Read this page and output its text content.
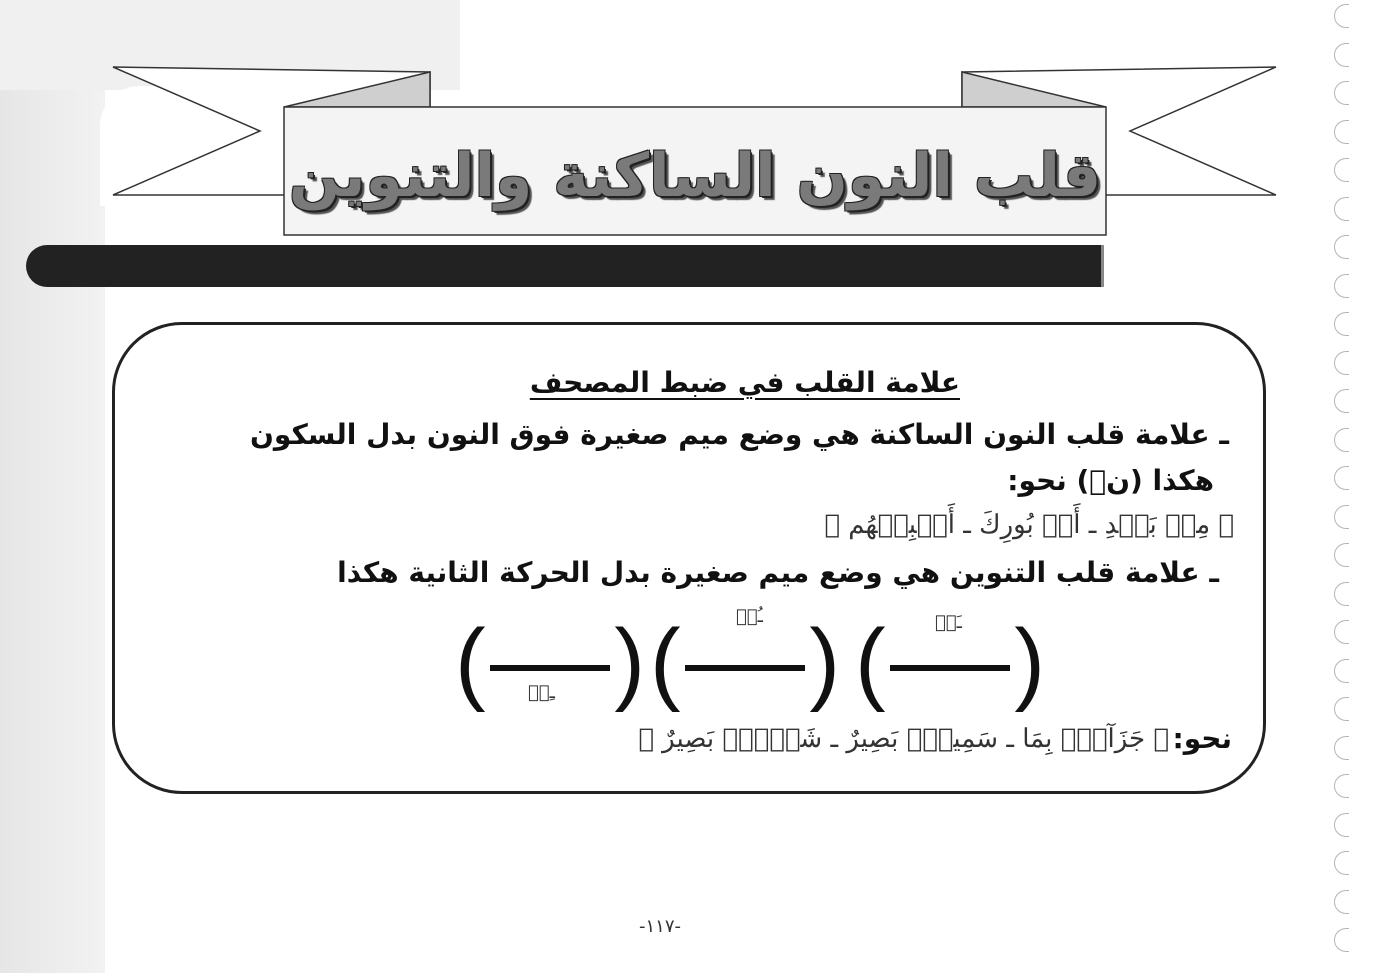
قلب النون الساكنة والتنوين
علامة القلب في ضبط المصحف
ـ علامة قلب النون الساكنة هي وضع ميم صغيرة فوق النون بدل السكون
هكذا (نۢ) نحو:
﴿ مِنۢ بَعۡدِ ـ أَنۢ بُورِكَ ـ أَنۢبِئۡهُم ﴾
ـ علامة قلب التنوين هي وضع ميم صغيرة بدل الحركة الثانية هكذا
( )
ـَمۢ
( )
ـُمۢ
( )
ـِمۢ
نحو:
﴿ جَزَآءَۢ بِمَا ـ سَمِيعُۢ بَصِيرٌ ـ شَيۡءِۢ بَصِيرٌ ﴾
-١١٧-
